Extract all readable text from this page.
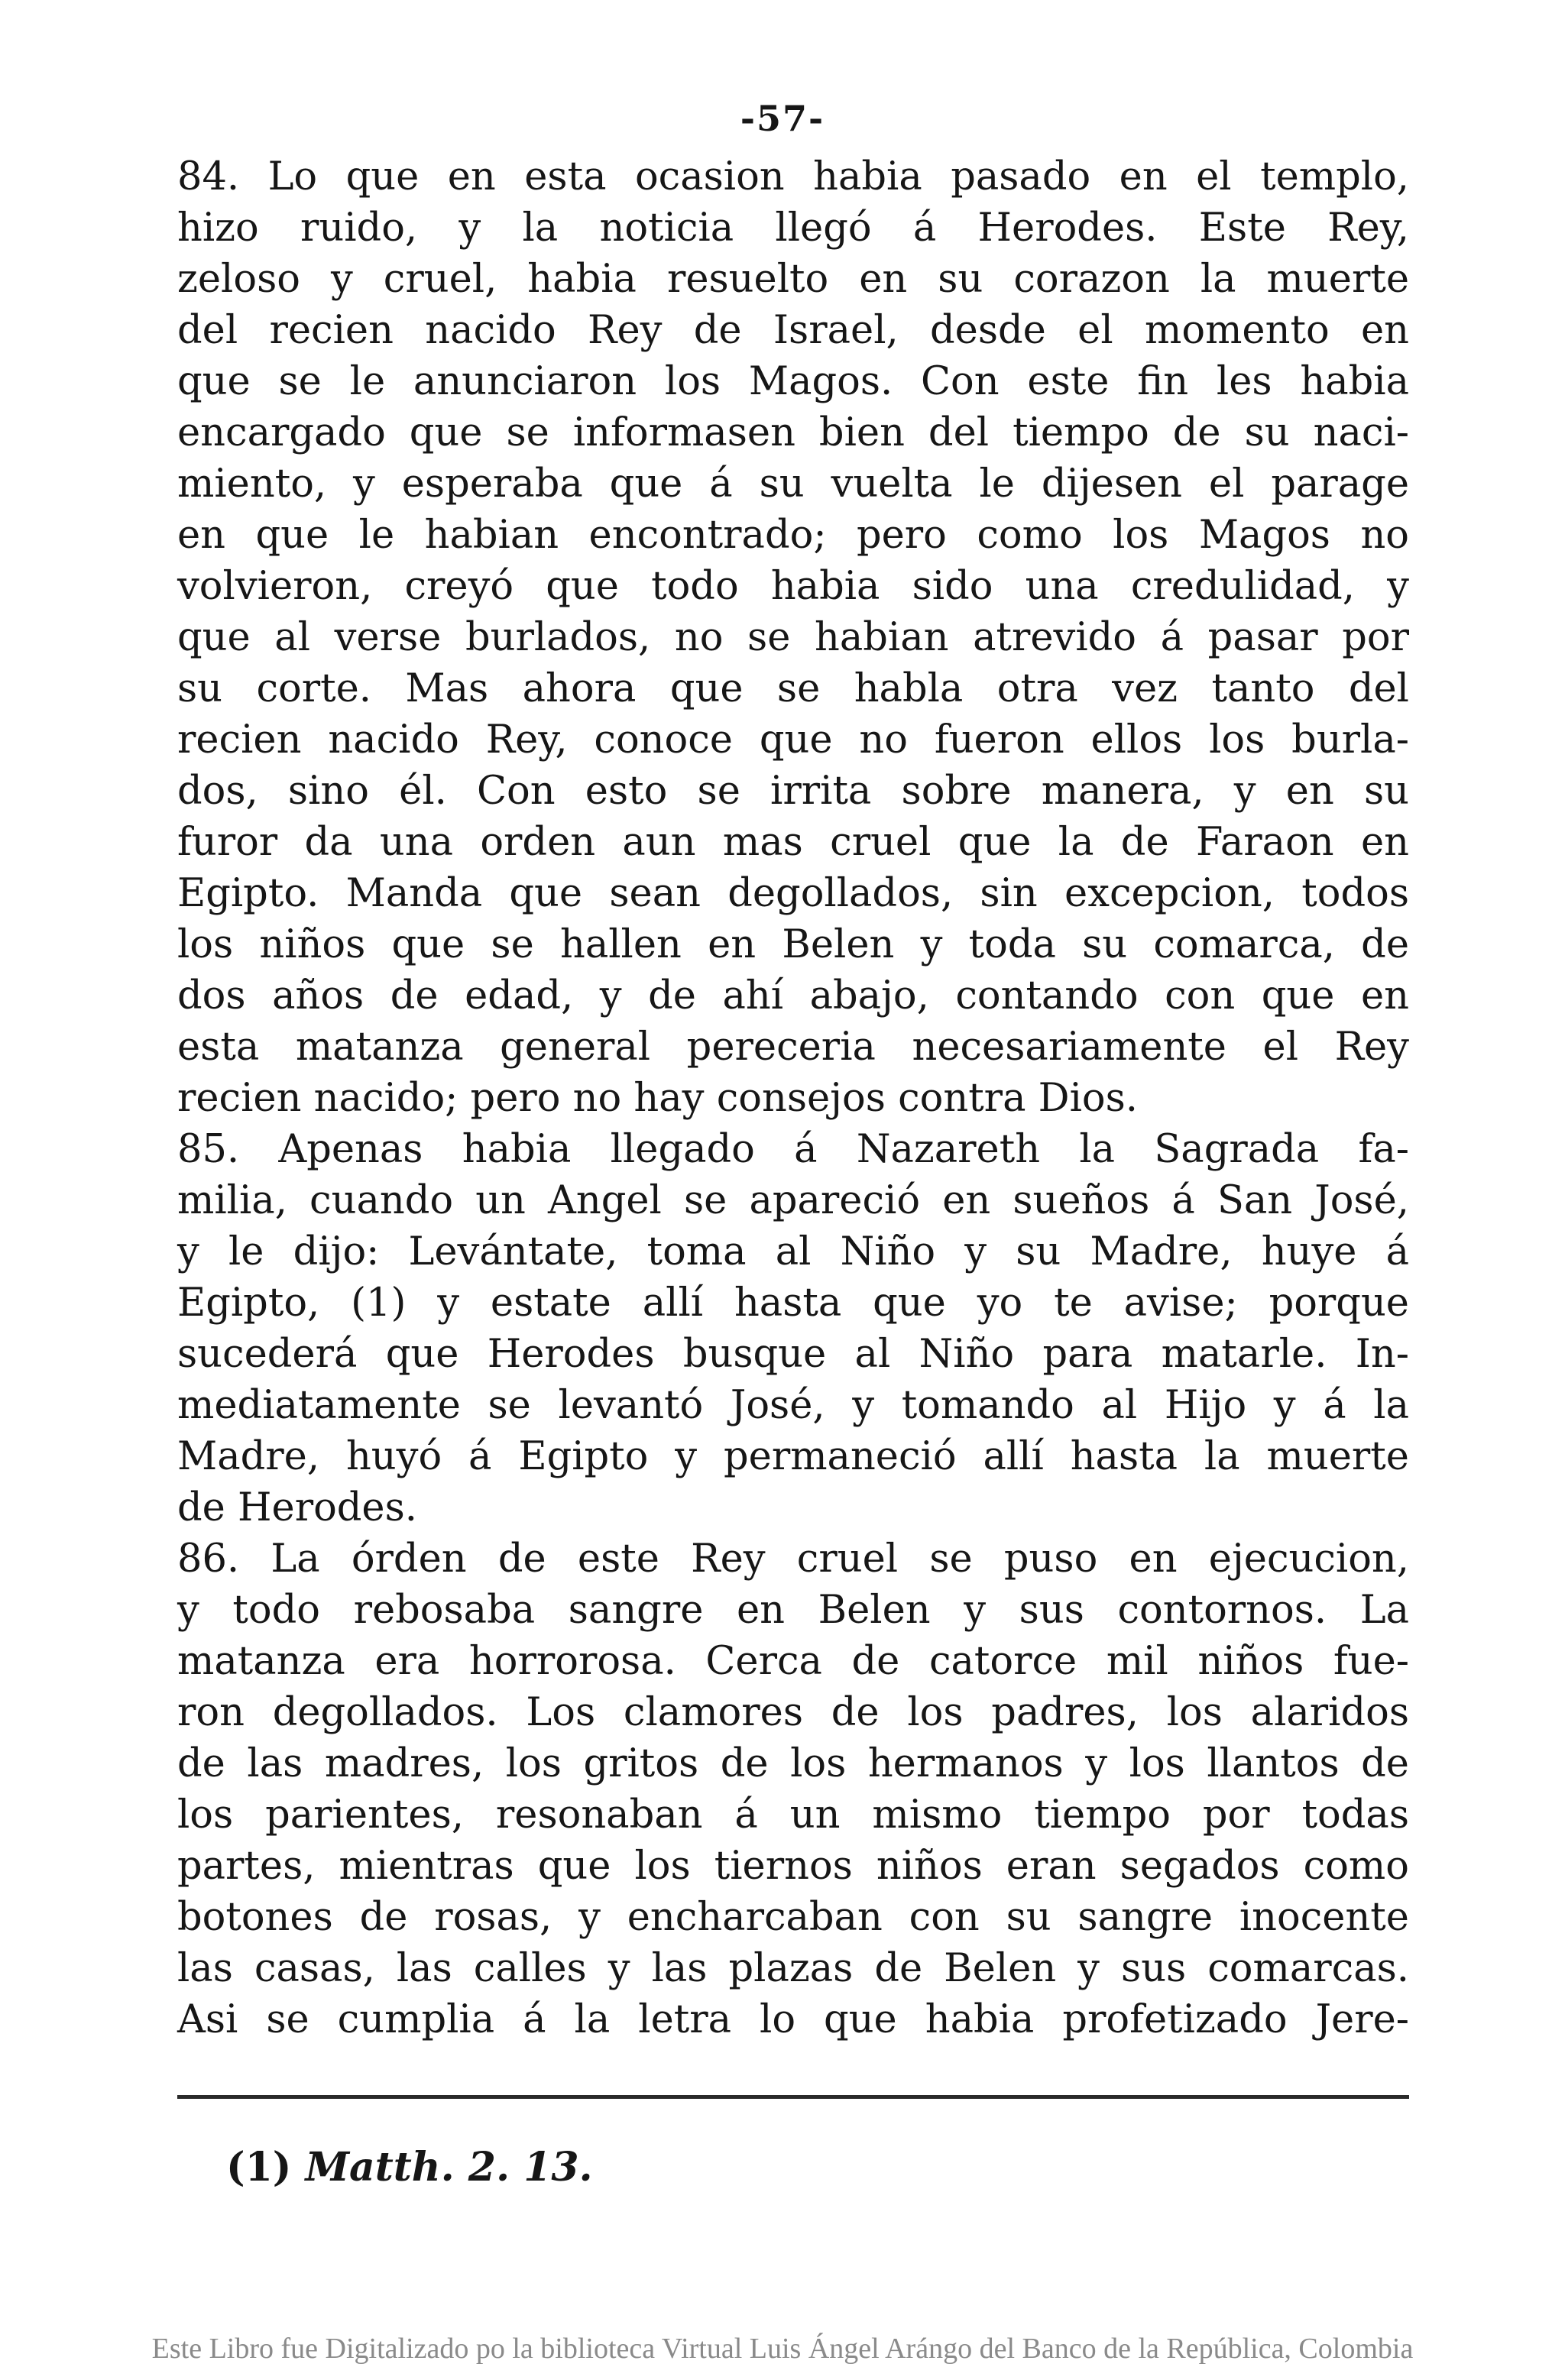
-57-
84. Lo que en esta ocasion habia pasado en el templo,
hizo ruido, y la noticia llegó á Herodes. Este Rey,
zeloso y cruel, habia resuelto en su corazon la muerte
del recien nacido Rey de Israel, desde el momento en
que se le anunciaron los Magos. Con este fin les habia
encargado que se informasen bien del tiempo de su naci-
miento, y esperaba que á su vuelta le dijesen el parage
en que le habian encontrado; pero como los Magos no
volvieron, creyó que todo habia sido una credulidad, y
que al verse burlados, no se habian atrevido á pasar por
su corte. Mas ahora que se habla otra vez tanto del
recien nacido Rey, conoce que no fueron ellos los burla-
dos, sino él. Con esto se irrita sobre manera, y en su
furor da una orden aun mas cruel que la de Faraon en
Egipto. Manda que sean degollados, sin excepcion, todos
los niños que se hallen en Belen y toda su comarca, de
dos años de edad, y de ahí abajo, contando con que en
esta matanza general pereceria necesariamente el Rey
recien nacido; pero no hay consejos contra Dios.
85. Apenas habia llegado á Nazareth la Sagrada fa-
milia, cuando un Angel se apareció en sueños á San José,
y le dijo: Levántate, toma al Niño y su Madre, huye á
Egipto, (1) y estate allí hasta que yo te avise; porque
sucederá que Herodes busque al Niño para matarle. In-
mediatamente se levantó José, y tomando al Hijo y á la
Madre, huyó á Egipto y permaneció allí hasta la muerte
de Herodes.
86. La órden de este Rey cruel se puso en ejecucion,
y todo rebosaba sangre en Belen y sus contornos. La
matanza era horrorosa. Cerca de catorce mil niños fue-
ron degollados. Los clamores de los padres, los alaridos
de las madres, los gritos de los hermanos y los llantos de
los parientes, resonaban á un mismo tiempo por todas
partes, mientras que los tiernos niños eran segados como
botones de rosas, y encharcaban con su sangre inocente
las casas, las calles y las plazas de Belen y sus comarcas.
Asi se cumplia á la letra lo que habia profetizado Jere-
(1) Matth. 2. 13.
Este Libro fue Digitalizado po la biblioteca Virtual Luis Ángel Arángo del Banco de la República, Colombia
